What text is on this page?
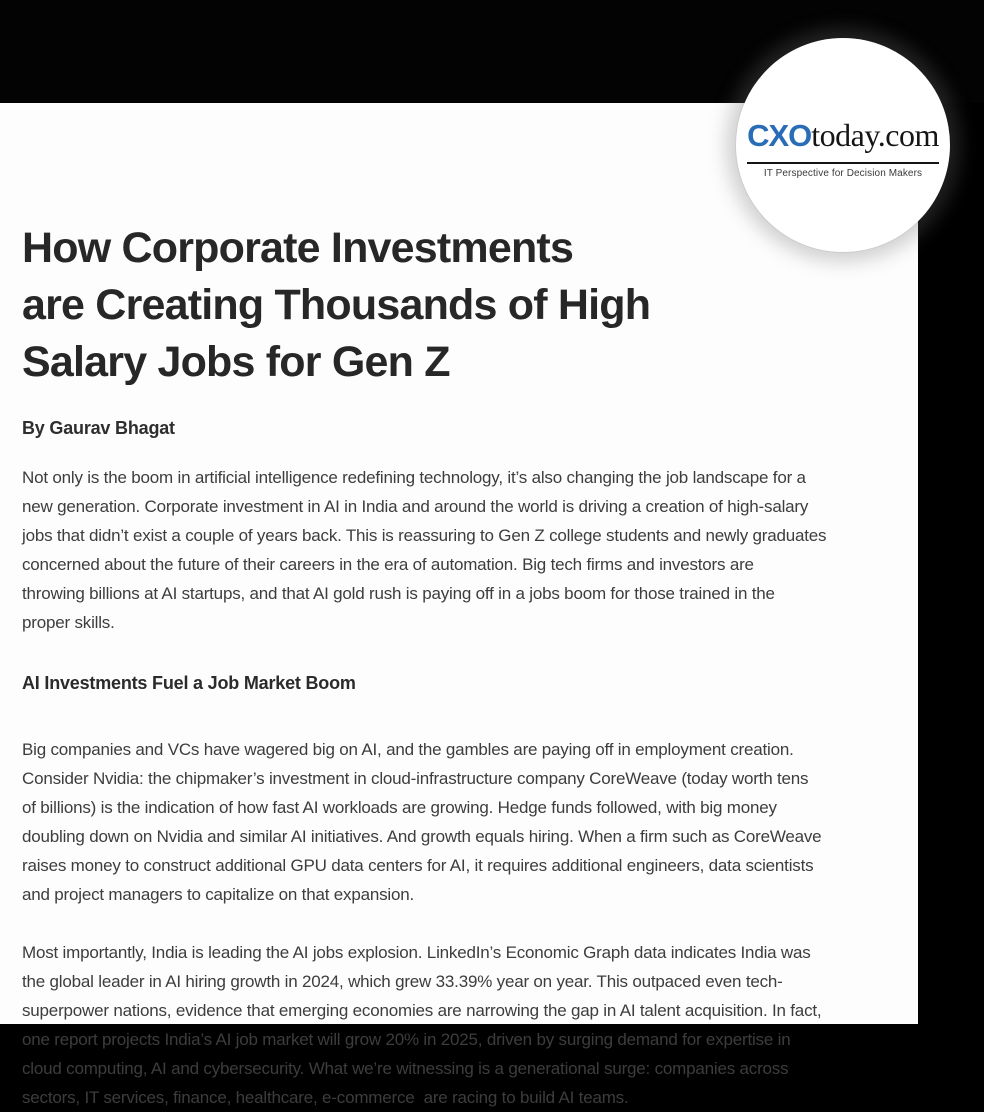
How Corporate Investments
are Creating Thousands of High
Salary Jobs for Gen Z
By Gaurav Bhagat
Not only is the boom in artificial intelligence redefining technology, it’s also changing the job landscape for a
new generation. Corporate investment in AI in India and around the world is driving a creation of high-salary
jobs that didn’t exist a couple of years back. This is reassuring to Gen Z college students and newly graduates
concerned about the future of their careers in the era of automation. Big tech firms and investors are
throwing billions at AI startups, and that AI gold rush is paying off in a jobs boom for those trained in the
proper skills.
AI Investments Fuel a Job Market Boom
Big companies and VCs have wagered big on AI, and the gambles are paying off in employment creation.
Consider Nvidia: the chipmaker’s investment in cloud-infrastructure company CoreWeave (today worth tens
of billions) is the indication of how fast AI workloads are growing. Hedge funds followed, with big money
doubling down on Nvidia and similar AI initiatives. And growth equals hiring. When a firm such as CoreWeave
raises money to construct additional GPU data centers for AI, it requires additional engineers, data scientists
and project managers to capitalize on that expansion.
Most importantly, India is leading the AI jobs explosion. LinkedIn’s Economic Graph data indicates India was
the global leader in AI hiring growth in 2024, which grew 33.39% year on year. This outpaced even tech-
superpower nations, evidence that emerging economies are narrowing the gap in AI talent acquisition. In fact,
one report projects India’s AI job market will grow 20% in 2025, driven by surging demand for expertise in
cloud computing, AI and cybersecurity. What we’re witnessing is a generational surge: companies across
sectors, IT services, finance, healthcare, e-commerce  are racing to build AI teams.
CXOtoday.com
IT Perspective for Decision Makers
